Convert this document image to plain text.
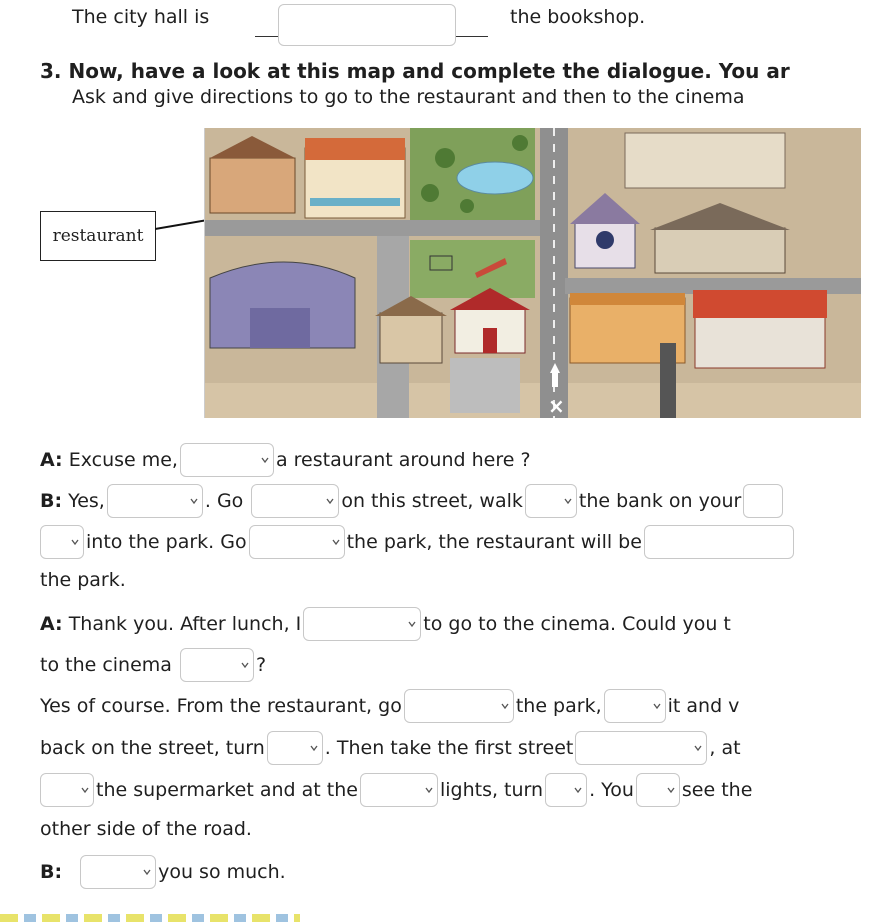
The city hall is	the bookshop.
3. Now, have a look at this map and complete the dialogue. You ar
Ask and give directions to go to the restaurant and then to the cinema
restaurant
×
A:
Excuse me,	a restaurant around here ?
B:
Yes,	. Go
	on this street, walk	the bank on your
into the park. Go	the park, the restaurant will be
the park.
A:
Thank you. After lunch, I	to go to the cinema. Could you t
to the cinema	?
Yes of course. From the restaurant, go	the park,	it and v
back on the street, turn	. Then take the first street	, at
the supermarket and at the	lights, turn . You	see the
other side of the road.
B:	you so much.
